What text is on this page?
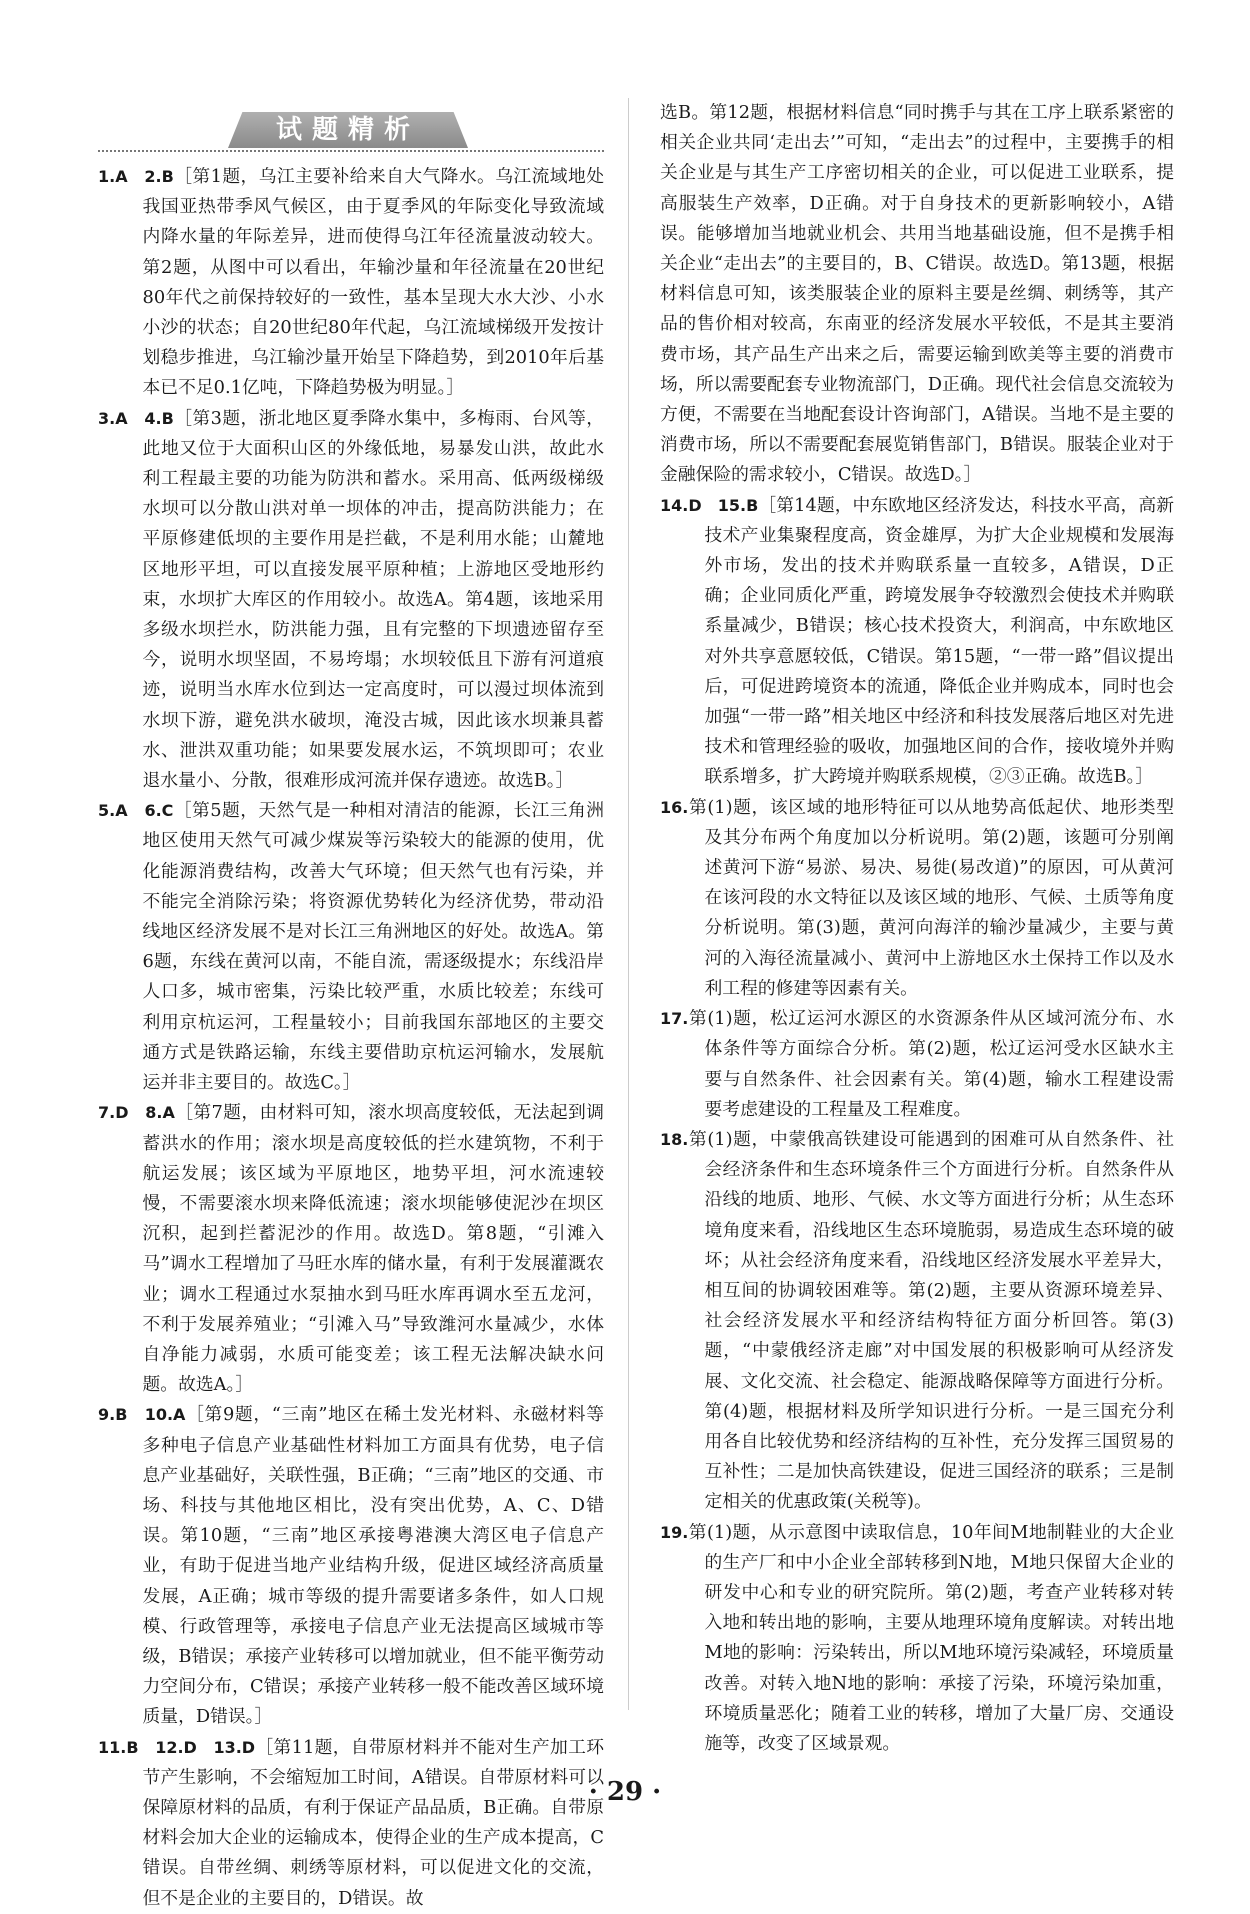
试题精析

1.A　2.B［第1题，乌江主要补给来自大气降水。乌江流域地处我国亚热带季风气候区，由于夏季风的年际变化导致流域内降水量的年际差异，进而使得乌江年径流量波动较大。第2题，从图中可以看出，年输沙量和年径流量在20世纪80年代之前保持较好的一致性，基本呈现大水大沙、小水小沙的状态；自20世纪80年代起，乌江流域梯级开发按计划稳步推进，乌江输沙量开始呈下降趋势，到2010年后基本已不足0.1亿吨，下降趋势极为明显。］

3.A　4.B［第3题，浙北地区夏季降水集中，多梅雨、台风等，此地又位于大面积山区的外缘低地，易暴发山洪，故此水利工程最主要的功能为防洪和蓄水。采用高、低两级梯级水坝可以分散山洪对单一坝体的冲击，提高防洪能力；在平原修建低坝的主要作用是拦截，不是利用水能；山麓地区地形平坦，可以直接发展平原种植；上游地区受地形约束，水坝扩大库区的作用较小。故选A。第4题，该地采用多级水坝拦水，防洪能力强，且有完整的下坝遗迹留存至今，说明水坝坚固，不易垮塌；水坝较低且下游有河道痕迹，说明当水库水位到达一定高度时，可以漫过坝体流到水坝下游，避免洪水破坝，淹没古城，因此该水坝兼具蓄水、泄洪双重功能；如果要发展水运，不筑坝即可；农业退水量小、分散，很难形成河流并保存遗迹。故选B。］

5.A　6.C［第5题，天然气是一种相对清洁的能源，长江三角洲地区使用天然气可减少煤炭等污染较大的能源的使用，优化能源消费结构，改善大气环境；但天然气也有污染，并不能完全消除污染；将资源优势转化为经济优势，带动沿线地区经济发展不是对长江三角洲地区的好处。故选A。第6题，东线在黄河以南，不能自流，需逐级提水；东线沿岸人口多，城市密集，污染比较严重，水质比较差；东线可利用京杭运河，工程量较小；目前我国东部地区的主要交通方式是铁路运输，东线主要借助京杭运河输水，发展航运并非主要目的。故选C。］

7.D　8.A［第7题，由材料可知，滚水坝高度较低，无法起到调蓄洪水的作用；滚水坝是高度较低的拦水建筑物，不利于航运发展；该区域为平原地区，地势平坦，河水流速较慢，不需要滚水坝来降低流速；滚水坝能够使泥沙在坝区沉积，起到拦蓄泥沙的作用。故选D。第8题，“引滩入马”调水工程增加了马旺水库的储水量，有利于发展灌溉农业；调水工程通过水泵抽水到马旺水库再调水至五龙河，不利于发展养殖业；“引滩入马”导致潍河水量减少，水体自净能力减弱，水质可能变差；该工程无法解决缺水问题。故选A。］

9.B　10.A［第9题，“三南”地区在稀土发光材料、永磁材料等多种电子信息产业基础性材料加工方面具有优势，电子信息产业基础好，关联性强，B正确；“三南”地区的交通、市场、科技与其他地区相比，没有突出优势，A、C、D错误。第10题，“三南”地区承接粤港澳大湾区电子信息产业，有助于促进当地产业结构升级，促进区域经济高质量发展，A正确；城市等级的提升需要诸多条件，如人口规模、行政管理等，承接电子信息产业无法提高区域城市等级，B错误；承接产业转移可以增加就业，但不能平衡劳动力空间分布，C错误；承接产业转移一般不能改善区域环境质量，D错误。］

11.B　12.D　13.D［第11题，自带原材料并不能对生产加工环节产生影响，不会缩短加工时间，A错误。自带原材料可以保障原材料的品质，有利于保证产品品质，B正确。自带原材料会加大企业的运输成本，使得企业的生产成本提高，C错误。自带丝绸、刺绣等原材料，可以促进文化的交流，但不是企业的主要目的，D错误。故

选B。第12题，根据材料信息“同时携手与其在工序上联系紧密的相关企业共同‘走出去’”可知，“走出去”的过程中，主要携手的相关企业是与其生产工序密切相关的企业，可以促进工业联系，提高服装生产效率，D正确。对于自身技术的更新影响较小，A错误。能够增加当地就业机会、共用当地基础设施，但不是携手相关企业“走出去”的主要目的，B、C错误。故选D。第13题，根据材料信息可知，该类服装企业的原料主要是丝绸、刺绣等，其产品的售价相对较高，东南亚的经济发展水平较低，不是其主要消费市场，其产品生产出来之后，需要运输到欧美等主要的消费市场，所以需要配套专业物流部门，D正确。现代社会信息交流较为方便，不需要在当地配套设计咨询部门，A错误。当地不是主要的消费市场，所以不需要配套展览销售部门，B错误。服装企业对于金融保险的需求较小，C错误。故选D。］

14.D　15.B［第14题，中东欧地区经济发达，科技水平高，高新技术产业集聚程度高，资金雄厚，为扩大企业规模和发展海外市场，发出的技术并购联系量一直较多，A错误，D正确；企业同质化严重，跨境发展争夺较激烈会使技术并购联系量减少，B错误；核心技术投资大，利润高，中东欧地区对外共享意愿较低，C错误。第15题，“一带一路”倡议提出后，可促进跨境资本的流通，降低企业并购成本，同时也会加强“一带一路”相关地区中经济和科技发展落后地区对先进技术和管理经验的吸收，加强地区间的合作，接收境外并购联系增多，扩大跨境并购联系规模，②③正确。故选B。］

16.第(1)题，该区域的地形特征可以从地势高低起伏、地形类型及其分布两个角度加以分析说明。第(2)题，该题可分别阐述黄河下游“易淤、易决、易徙(易改道)”的原因，可从黄河在该河段的水文特征以及该区域的地形、气候、土质等角度分析说明。第(3)题，黄河向海洋的输沙量减少，主要与黄河的入海径流量减小、黄河中上游地区水土保持工作以及水利工程的修建等因素有关。

17.第(1)题，松辽运河水源区的水资源条件从区域河流分布、水体条件等方面综合分析。第(2)题，松辽运河受水区缺水主要与自然条件、社会因素有关。第(4)题，输水工程建设需要考虑建设的工程量及工程难度。

18.第(1)题，中蒙俄高铁建设可能遇到的困难可从自然条件、社会经济条件和生态环境条件三个方面进行分析。自然条件从沿线的地质、地形、气候、水文等方面进行分析；从生态环境角度来看，沿线地区生态环境脆弱，易造成生态环境的破坏；从社会经济角度来看，沿线地区经济发展水平差异大，相互间的协调较困难等。第(2)题，主要从资源环境差异、社会经济发展水平和经济结构特征方面分析回答。第(3)题，“中蒙俄经济走廊”对中国发展的积极影响可从经济发展、文化交流、社会稳定、能源战略保障等方面进行分析。第(4)题，根据材料及所学知识进行分析。一是三国充分利用各自比较优势和经济结构的互补性，充分发挥三国贸易的互补性；二是加快高铁建设，促进三国经济的联系；三是制定相关的优惠政策(关税等)。

19.第(1)题，从示意图中读取信息，10年间M地制鞋业的大企业的生产厂和中小企业全部转移到N地，M地只保留大企业的研发中心和专业的研究院所。第(2)题，考查产业转移对转入地和转出地的影响，主要从地理环境角度解读。对转出地M地的影响：污染转出，所以M地环境污染减轻，环境质量改善。对转入地N地的影响：承接了污染，环境污染加重，环境质量恶化；随着工业的转移，增加了大量厂房、交通设施等，改变了区域景观。

· 29 ·
